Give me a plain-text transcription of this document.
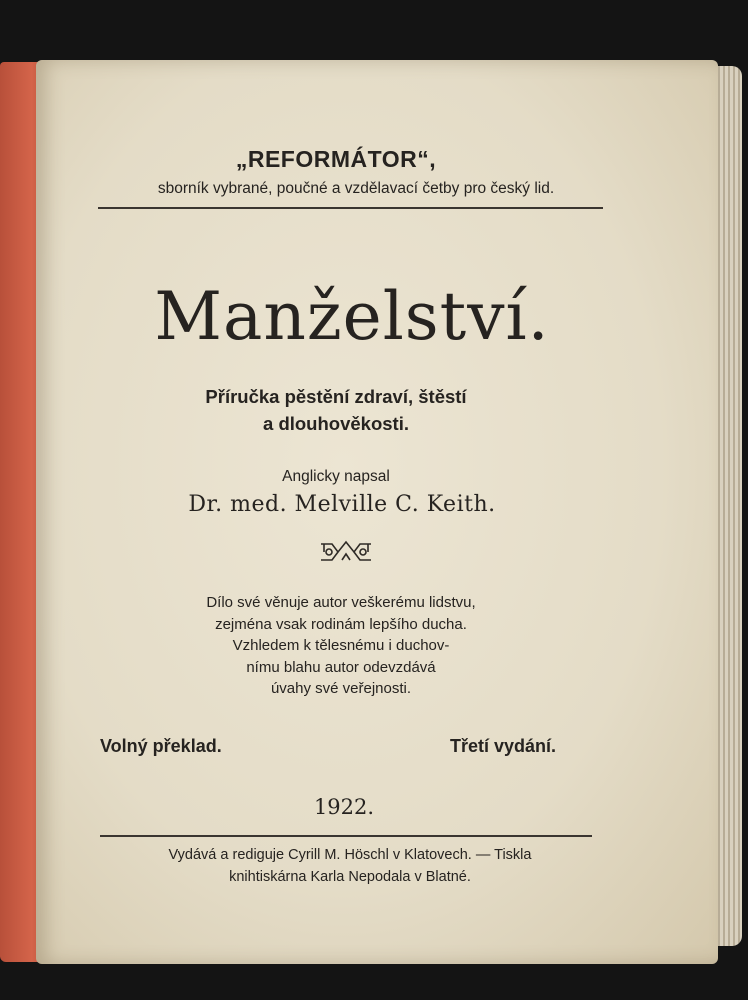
„REFORMÁTOR“,
sborník vybrané, poučné a vzdělavací četby pro český lid.
Manželství.
Příručka pěstění zdraví, štěstí
a dlouhověkosti.
Anglicky napsal
Dr. med. Melville C. Keith.
Dílo své věnuje autor veškerému lidstvu,
zejména vsak rodinám lepšího ducha.
Vzhledem k tělesnému i duchov-
nímu blahu autor odevzdává
úvahy své veřejnosti.
Volný překlad.	Třetí vydání.
1922.
Vydává a rediguje Cyrill M. Höschl v Klatovech. — Tiskla
knihtiskárna Karla Nepodala v Blatné.
